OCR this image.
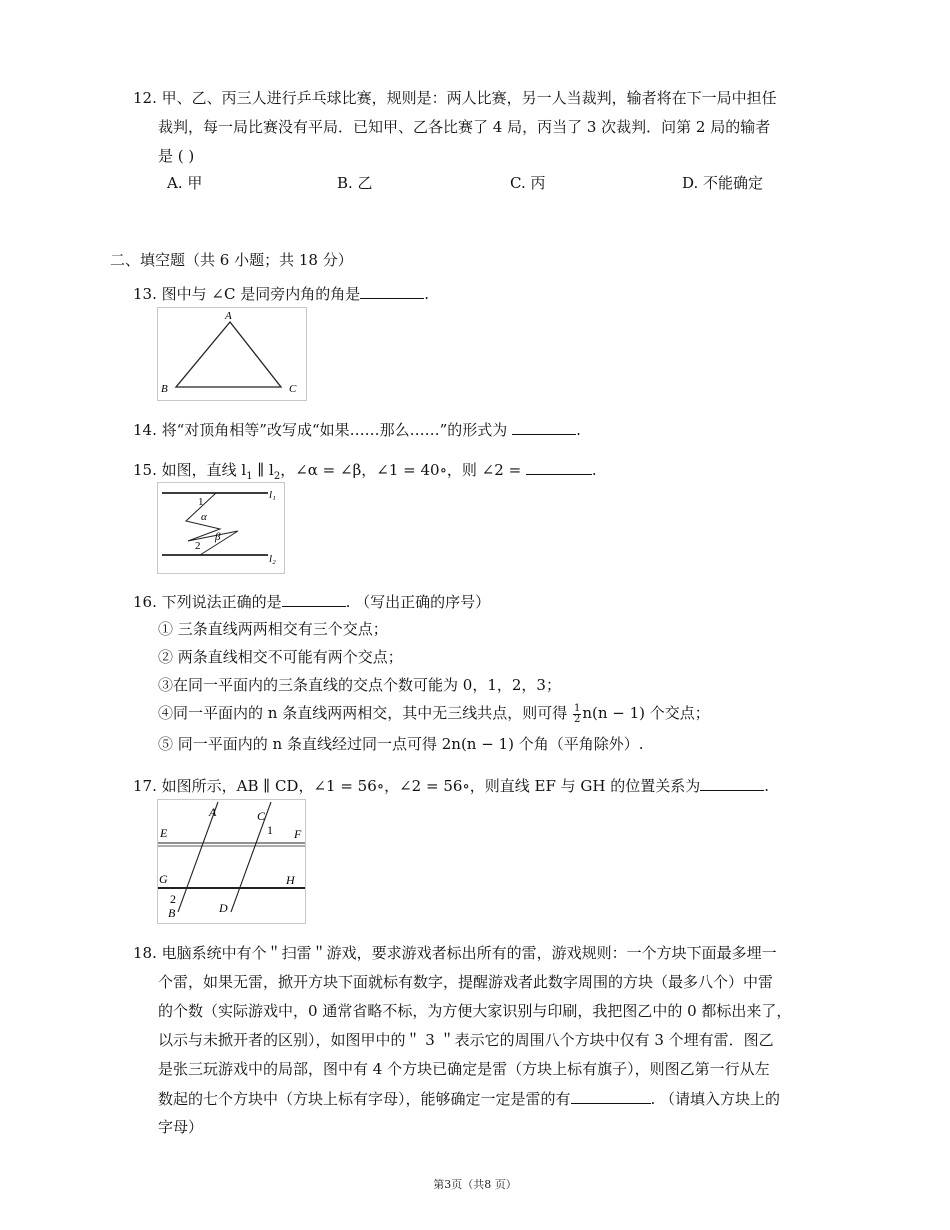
12. 甲、乙、丙三人进行乒乓球比赛，规则是：两人比赛，另一人当裁判，输者将在下一局中担任
裁判，每一局比赛没有平局．已知甲、乙各比赛了 4 局，丙当了 3 次裁判．问第 2 局的输者
是 ( )
A. 甲	B. 乙	C. 丙	D. 不能确定
二、填空题（共 6 小题；共 18 分）
13. 图中与 ∠C 是同旁内角的角是	.
A
B	C
14. 将“对顶角相等”改写成“如果……那么……”的形式为	.
15. 如图，直线 $l_1$ ∥ $l_2$，∠α = ∠β，∠1 = 40∘，则 ∠2 =	.
1
α
β
2
l₁
l₂
16. 下列说法正确的是	. （写出正确的序号）
① 三条直线两两相交有三个交点；
② 两条直线相交不可能有两个交点；
③在同一平面内的三条直线的交点个数可能为 0，1，2，3；
④同一平面内的 n 条直线两两相交，其中无三线共点，则可得 $\frac{1}{2} n(n - 1)$ 个交点；
⑤ 同一平面内的 n 条直线经过同一点可得 2n(n − 1) 个角（平角除外）.
17. 如图所示，AB ∥ CD，∠1 = 56∘，∠2 = 56∘，则直线 EF 与 GH 的位置关系为	.
A	C
E	F
1
G	H
2
B	D
18. 电脑系统中有个＂扫雷＂游戏，要求游戏者标出所有的雷，游戏规则：一个方块下面最多埋一
个雷，如果无雷，掀开方块下面就标有数字，提醒游戏者此数字周围的方块（最多八个）中雷
的个数（实际游戏中，0 通常省略不标，为方便大家识别与印刷，我把图乙中的 0 都标出来了，
以示与未掀开者的区别），如图甲中的＂ 3 ＂表示它的周围八个方块中仅有 3 个埋有雷．图乙
是张三玩游戏中的局部，图中有 4 个方块已确定是雷（方块上标有旗子），则图乙第一行从左
数起的七个方块中（方块上标有字母），能够确定一定是雷的有	. （请填入方块上的
字母）
第3页（共8 页）
